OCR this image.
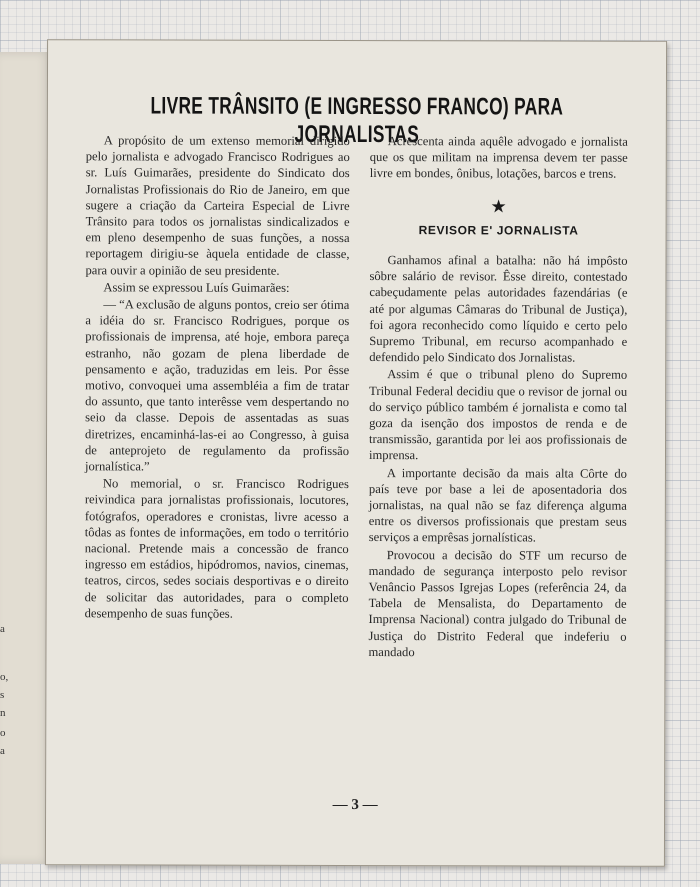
a
o,
s
n
o
a
LIVRE TRÂNSITO (E INGRESSO FRANCO) PARA JORNALISTAS

A propósito de um extenso memorial dirigido pelo jornalista e advogado Francisco Rodrigues ao sr. Luís Guimarães, presidente do Sindicato dos Jornalistas Profissionais do Rio de Janeiro, em que sugere a criação da Carteira Especial de Livre Trânsito para todos os jornalistas sindicalizados e em pleno desempenho de suas funções, a nossa reportagem dirigiu-se àquela entidade de classe, para ouvir a opinião de seu presidente.

Assim se expressou Luís Guimarães:

— “A exclusão de alguns pontos, creio ser ótima a idéia do sr. Francisco Rodrigues, porque os profissionais de imprensa, até hoje, embora pareça estranho, não gozam de plena liberdade de pensamento e ação, traduzidas em leis. Por êsse motivo, convoquei uma assembléia a fim de tratar do assunto, que tanto interêsse vem despertando no seio da classe. Depois de assentadas as suas diretrizes, encaminhá-las-ei ao Congresso, à guisa de anteprojeto de regulamento da profissão jornalística.”

No memorial, o sr. Francisco Rodrigues reivindica para jornalistas profissionais, locutores, fotógrafos, operadores e cronistas, livre acesso a tôdas as fontes de informações, em todo o território nacional. Pretende mais a concessão de franco ingresso em estádios, hipódromos, navios, cinemas, teatros, circos, sedes sociais desportivas e o direito de solicitar das autoridades, para o completo desempenho de suas funções.

Acrescenta ainda aquêle advogado e jornalista que os que militam na imprensa devem ter passe livre em bondes, ônibus, lotações, barcos e trens.

★
REVISOR E' JORNALISTA

Ganhamos afinal a batalha: não há impôsto sôbre salário de revisor. Êsse direito, contestado cabeçudamente pelas autoridades fazendárias (e até por algumas Câmaras do Tribunal de Justiça), foi agora reconhecido como líquido e certo pelo Supremo Tribunal, em recurso acompanhado e defendido pelo Sindicato dos Jornalistas.

Assim é que o tribunal pleno do Supremo Tribunal Federal decidiu que o revisor de jornal ou do serviço público também é jornalista e como tal goza da isenção dos impostos de renda e de transmissão, garantida por lei aos profissionais de imprensa.

A importante decisão da mais alta Côrte do país teve por base a lei de aposentadoria dos jornalistas, na qual não se faz diferença alguma entre os diversos profissionais que prestam seus serviços a emprêsas jornalísticas.

Provocou a decisão do STF um recurso de mandado de segurança interposto pelo revisor Venâncio Passos Igrejas Lopes (referência 24, da Tabela de Mensalista, do Departamento de Imprensa Nacional) contra julgado do Tribunal de Justiça do Distrito Federal que indeferiu o mandado

— 3 —
